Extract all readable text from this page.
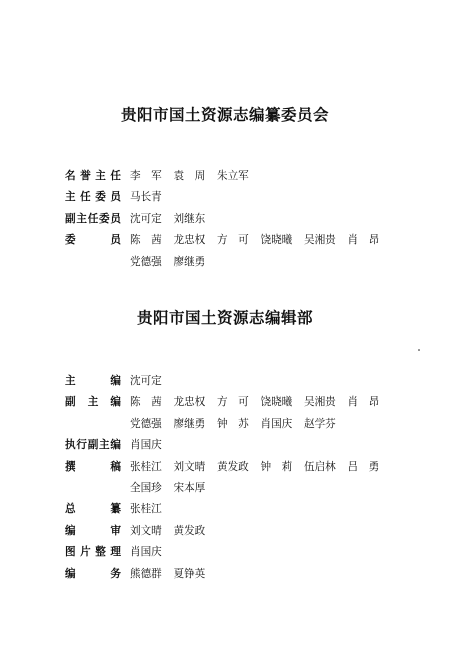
贵阳市国土资源志编纂委员会
名誉主任 李　军 袁　周 朱立军
主任委员 马长青
副主任委员 沈可定 刘继东
委　　员 陈　茜 龙忠权 方　可 饶晓曦 吴湘贵 肖　昂
党德强 廖继勇
贵阳市国土资源志编辑部
主　　编 沈可定
副 主 编 陈　茜 龙忠权 方　可 饶晓曦 吴湘贵 肖　昂
党德强 廖继勇 钟　苏 肖国庆 赵学芬
执行副主编 肖国庆
撰　　稿 张桂江 刘文晴 黄发政 钟　莉 伍启林 吕　勇
全国珍 宋本厚
总　　纂 张桂江
编　　审 刘文晴 黄发政
图片整理 肖国庆
编　　务 熊德群 夏铮英
